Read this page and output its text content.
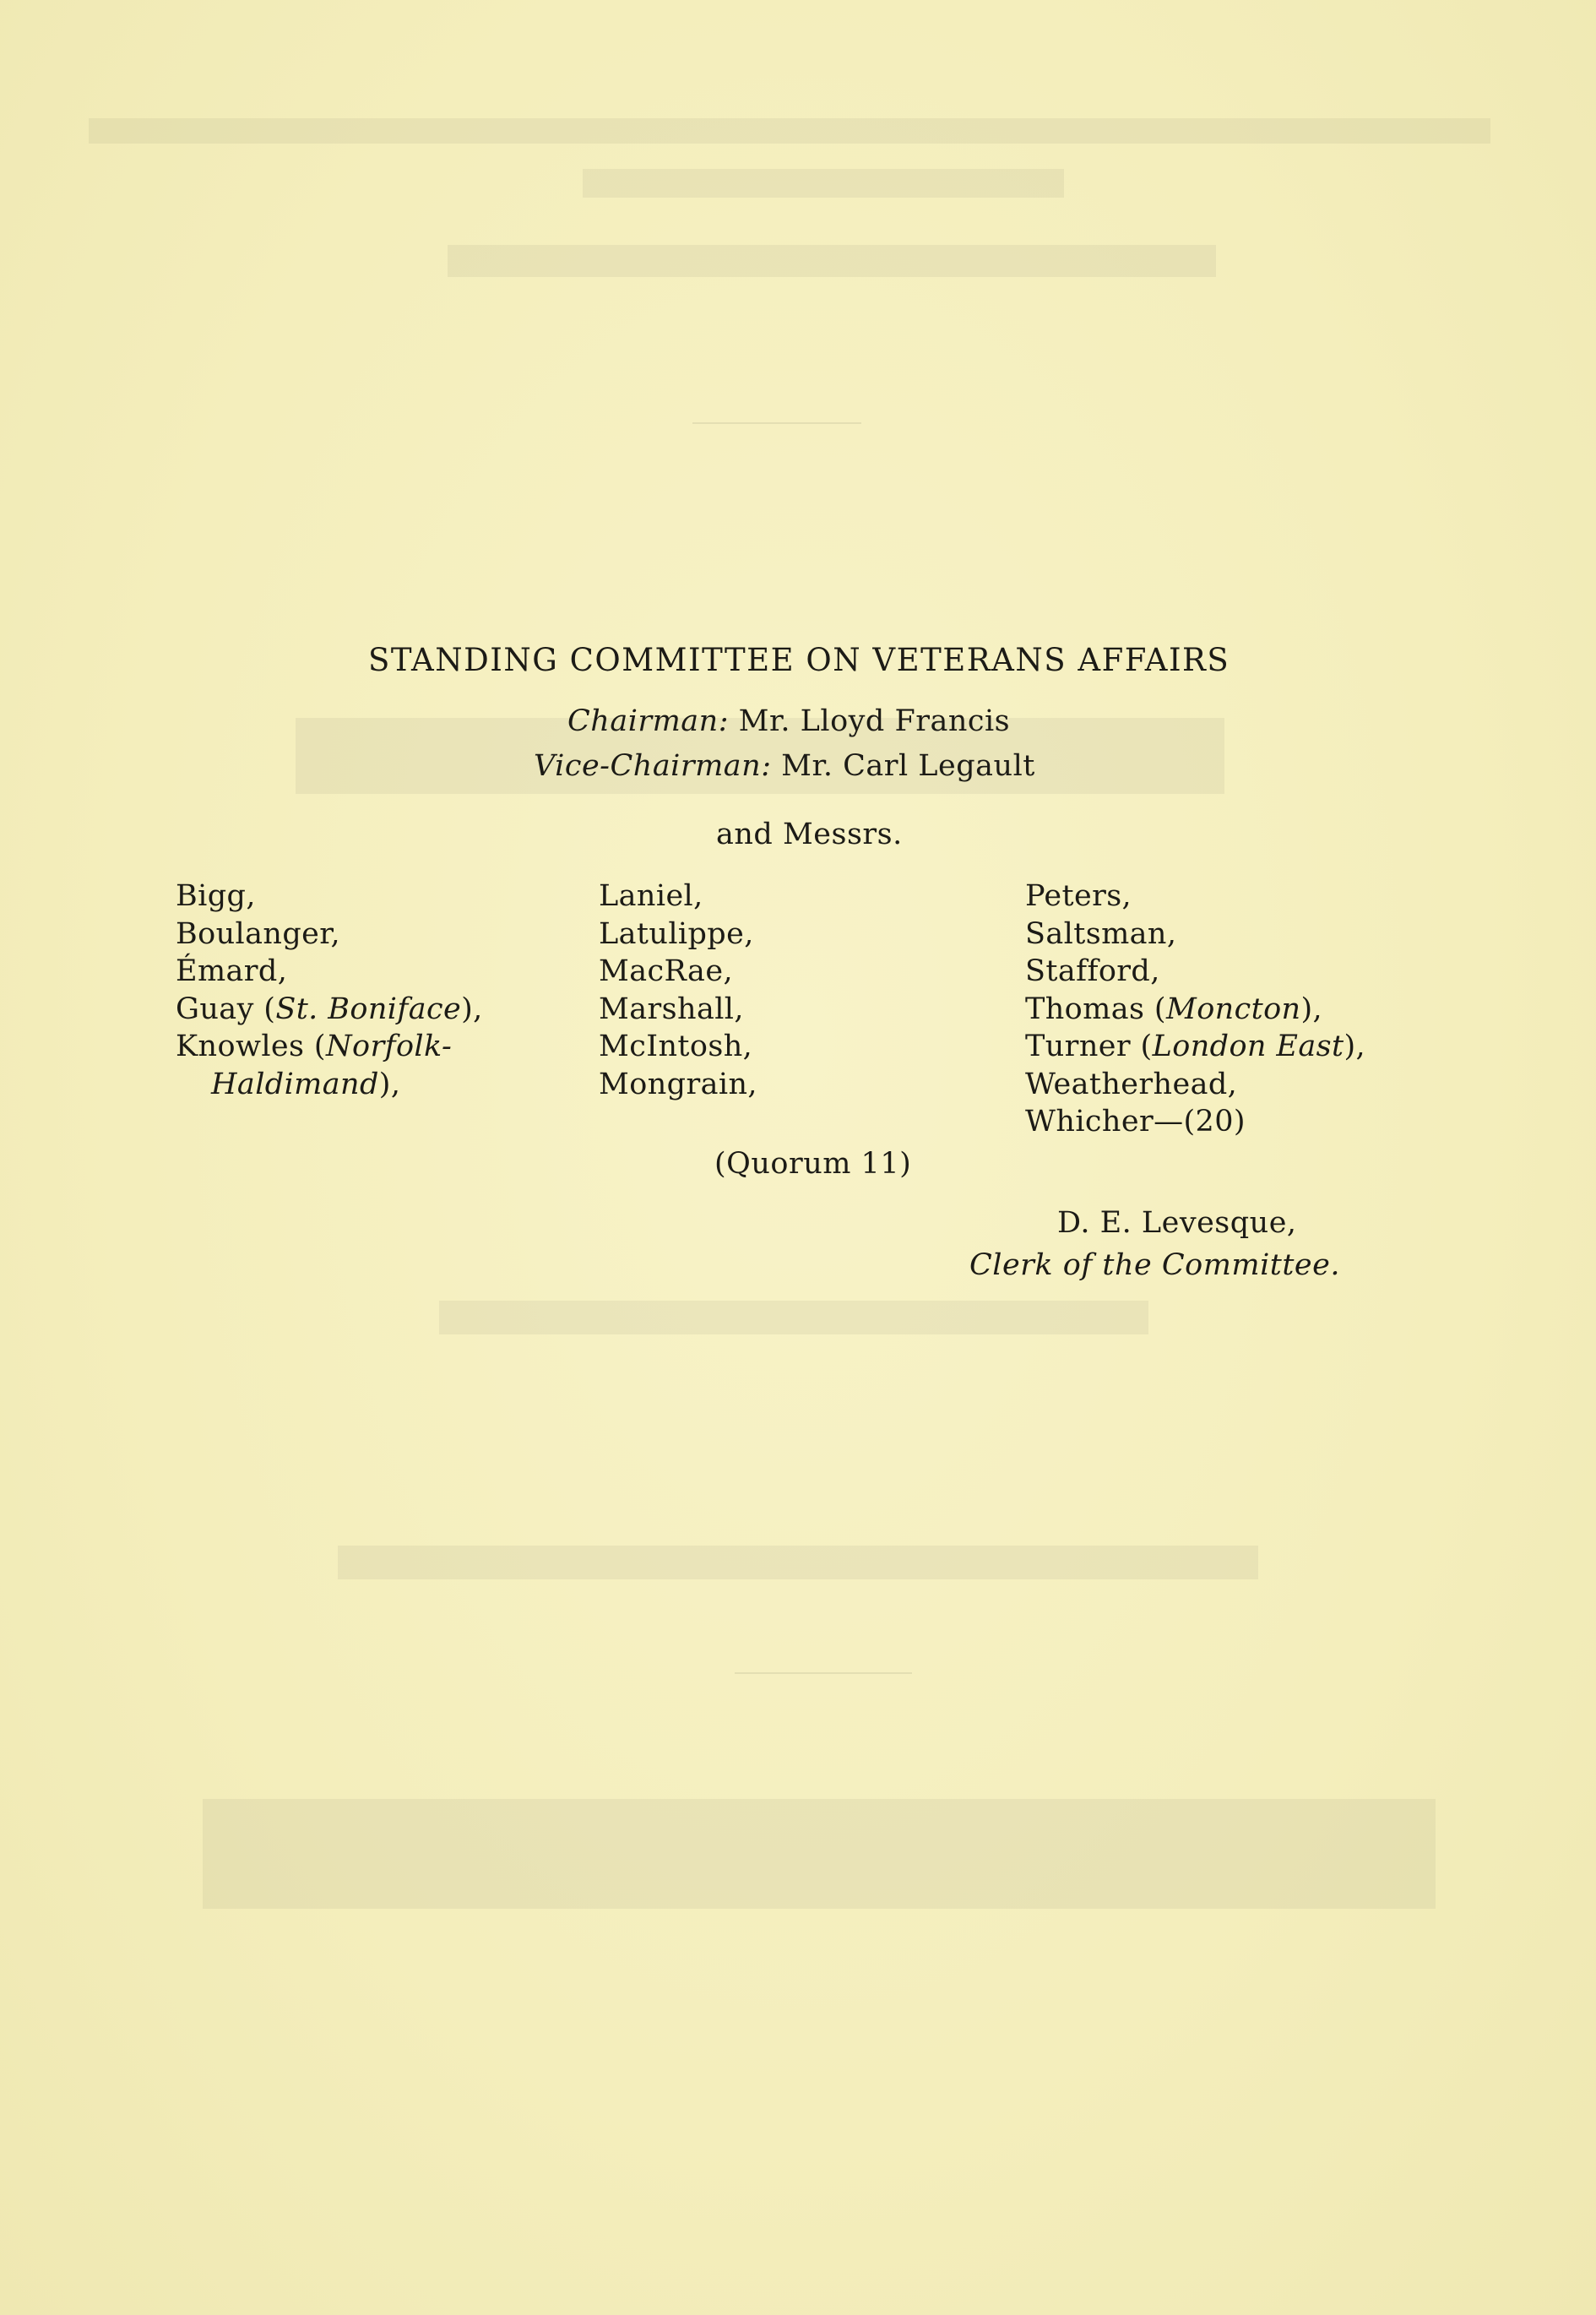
STANDING COMMITTEE ON VETERANS AFFAIRS
Chairman: Mr. Lloyd Francis
Vice-Chairman: Mr. Carl Legault
and Messrs.
Bigg,
Boulanger,
Émard,
Guay (St. Boniface),
Knowles (Norfolk-
Haldimand),
Laniel,
Latulippe,
MacRae,
Marshall,
McIntosh,
Mongrain,
Peters,
Saltsman,
Stafford,
Thomas (Moncton),
Turner (London East),
Weatherhead,
Whicher—(20)
(Quorum 11)
D. E. Levesque,
Clerk of the Committee.
